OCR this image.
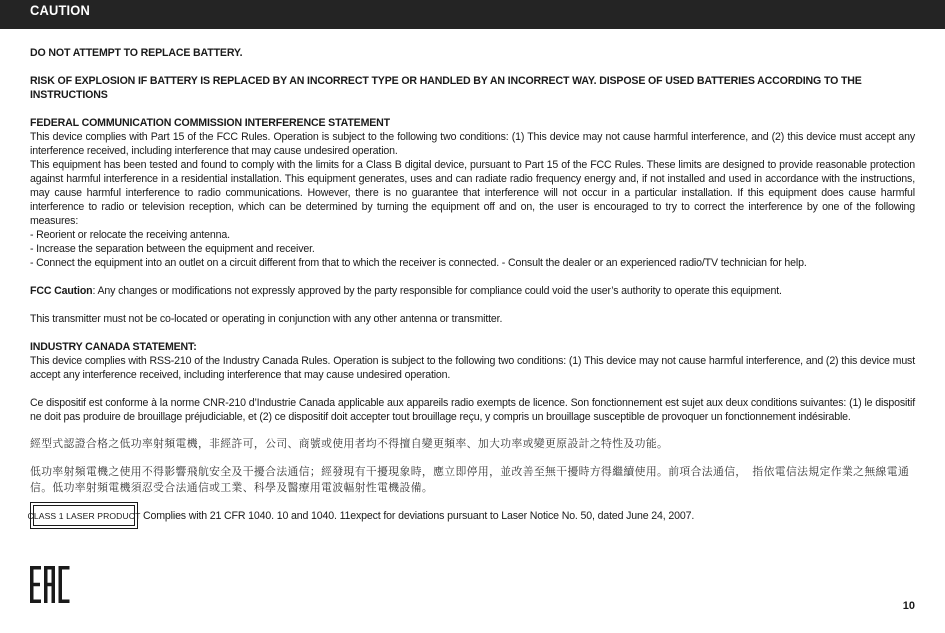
CAUTION

DO NOT ATTEMPT TO REPLACE BATTERY.

RISK OF EXPLOSION IF BATTERY IS REPLACED BY AN INCORRECT TYPE OR HANDLED BY AN INCORRECT WAY. DISPOSE OF USED BATTERIES ACCORDING TO THE INSTRUCTIONS

FEDERAL COMMUNICATION COMMISSION INTERFERENCE STATEMENT

This device complies with Part 15 of the FCC Rules. Operation is subject to the following two conditions: (1) This device may not cause harmful interference, and (2) this device must accept any interference received, including interference that may cause undesired operation.

This equipment has been tested and found to comply with the limits for a Class B digital device, pursuant to Part 15 of the FCC Rules. These limits are designed to provide reasonable protection against harmful interference in a residential installation. This equipment generates, uses and can radiate radio frequency energy and, if not installed and used in accordance with the instructions, may cause harmful interference to radio communications. However, there is no guarantee that interference will not occur in a particular installation. If this equipment does cause harmful interference to radio or television reception, which can be determined by turning the equipment off and on, the user is encouraged to try to correct the interference by one of the following measures:

- Reorient or relocate the receiving antenna.

- Increase the separation between the equipment and receiver.

- Connect the equipment into an outlet on a circuit different from that to which the receiver is connected. - Consult the dealer or an experienced radio/TV technician for help.

FCC Caution: Any changes or modifications not expressly approved by the party responsible for compliance could void the user’s authority to operate this equipment.

This transmitter must not be co-located or operating in conjunction with any other antenna or transmitter.

INDUSTRY CANADA STATEMENT:

This device complies with RSS-210 of the Industry Canada Rules. Operation is subject to the following two conditions: (1) This device may not cause harmful interference, and (2) this device must accept any interference received, including interference that may cause undesired operation.

Ce dispositif est conforme à la norme CNR-210 d’Industrie Canada applicable aux appareils radio exempts de licence. Son fonctionnement est sujet aux deux conditions suivantes: (1) le dispositif ne doit pas produire de brouillage préjudiciable, et (2) ce dispositif doit accepter tout brouillage reçu, y compris un brouillage susceptible de provoquer un fonctionnement indésirable.

經型式認證合格之低功率射頻電機，非經許可，公司、商號或使用者均不得擅自變更頻率、加大功率或變更原設計之特性及功能。

低功率射頻電機之使用不得影響飛航安全及干擾合法通信；經發現有干擾現象時，應立即停用，並改善至無干擾時方得繼續使用。前項合法通信，　指依電信法規定作業之無線電通信。低功率射頻電機須忍受合法通信或工業、科學及醫療用電波輻射性電機設備。

CLASS 1 LASER PRODUCT Complies with 21 CFR 1040. 10 and 1040. 11expect for deviations pursuant to Laser Notice No. 50, dated June 24, 2007.
10
